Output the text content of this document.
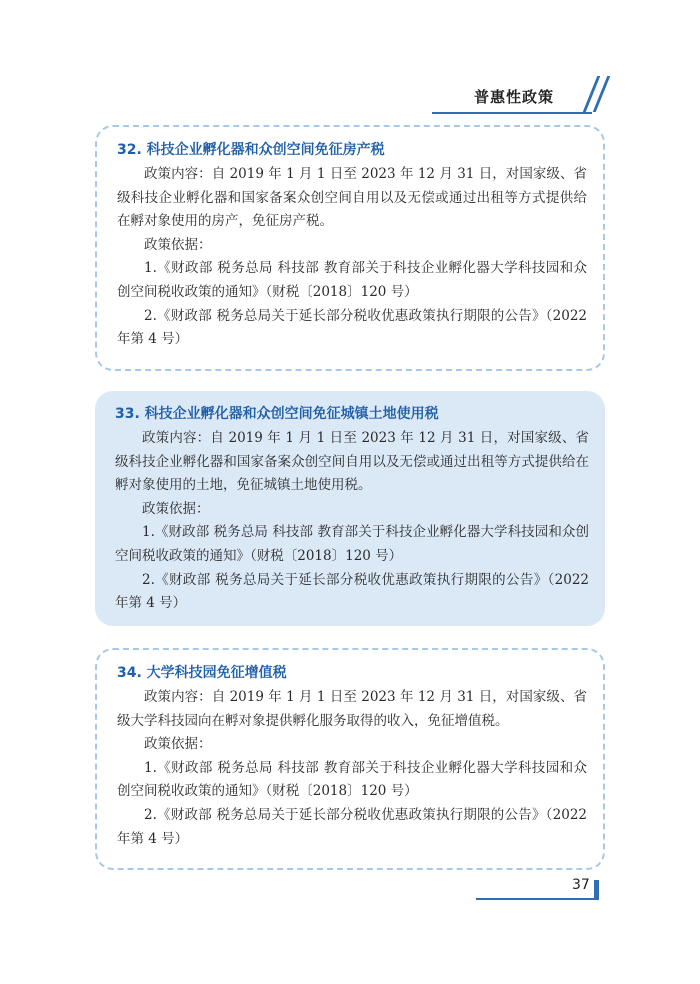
普惠性政策
32. 科技企业孵化器和众创空间免征房产税

政策内容：自 2019 年 1 月 1 日至 2023 年 12 月 31 日，对国家级、省级科技企业孵化器和国家备案众创空间自用以及无偿或通过出租等方式提供给在孵对象使用的房产，免征房产税。

政策依据：

1.《财政部 税务总局 科技部 教育部关于科技企业孵化器大学科技园和众创空间税收政策的通知》（财税〔2018〕120 号）

2.《财政部 税务总局关于延长部分税收优惠政策执行期限的公告》（2022 年第 4 号）

33. 科技企业孵化器和众创空间免征城镇土地使用税

政策内容：自 2019 年 1 月 1 日至 2023 年 12 月 31 日，对国家级、省级科技企业孵化器和国家备案众创空间自用以及无偿或通过出租等方式提供给在孵对象使用的土地，免征城镇土地使用税。

政策依据：

1.《财政部 税务总局 科技部 教育部关于科技企业孵化器大学科技园和众创空间税收政策的通知》（财税〔2018〕120 号）

2.《财政部 税务总局关于延长部分税收优惠政策执行期限的公告》（2022 年第 4 号）

34. 大学科技园免征增值税

政策内容：自 2019 年 1 月 1 日至 2023 年 12 月 31 日，对国家级、省级大学科技园向在孵对象提供孵化服务取得的收入，免征增值税。

政策依据：

1.《财政部 税务总局 科技部 教育部关于科技企业孵化器大学科技园和众创空间税收政策的通知》（财税〔2018〕120 号）

2.《财政部 税务总局关于延长部分税收优惠政策执行期限的公告》（2022 年第 4 号）

37
